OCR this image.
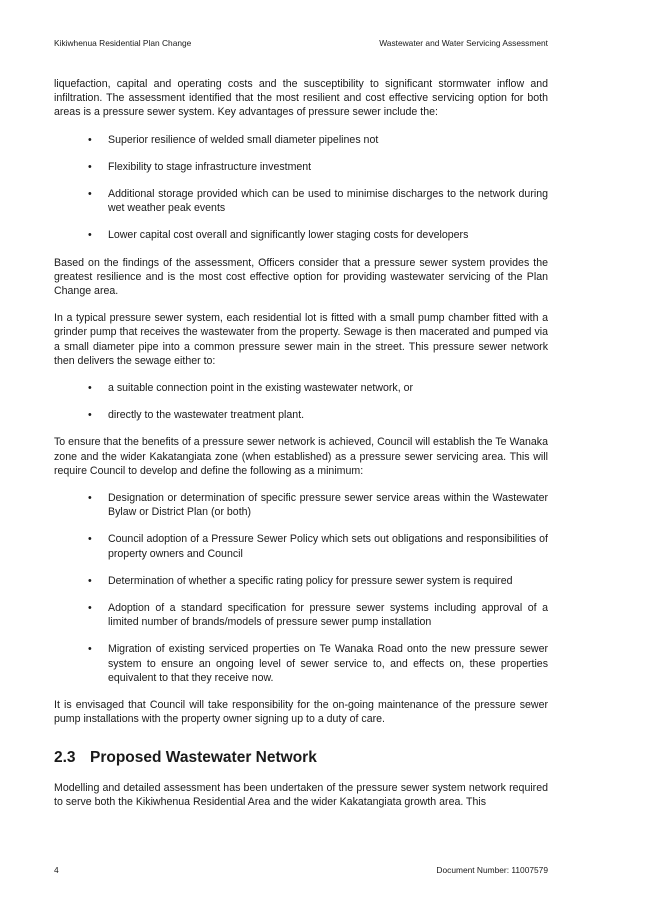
Kikiwhenua Residential Plan Change	Wastewater and Water Servicing Assessment

liquefaction, capital and operating costs and the susceptibility to significant stormwater inflow and infiltration. The assessment identified that the most resilient and cost effective servicing option for both areas is a pressure sewer system. Key advantages of pressure sewer include the:

• Superior resilience of welded small diameter pipelines not
• Flexibility to stage infrastructure investment
• Additional storage provided which can be used to minimise discharges to the network during wet weather peak events
• Lower capital cost overall and significantly lower staging costs for developers

Based on the findings of the assessment, Officers consider that a pressure sewer system provides the greatest resilience and is the most cost effective option for providing wastewater servicing of the Plan Change area.

In a typical pressure sewer system, each residential lot is fitted with a small pump chamber fitted with a grinder pump that receives the wastewater from the property. Sewage is then macerated and pumped via a small diameter pipe into a common pressure sewer main in the street. This pressure sewer network then delivers the sewage either to:

• a suitable connection point in the existing wastewater network, or
• directly to the wastewater treatment plant.

To ensure that the benefits of a pressure sewer network is achieved, Council will establish the Te Wanaka zone and the wider Kakatangiata zone (when established) as a pressure sewer servicing area. This will require Council to develop and define the following as a minimum:

• Designation or determination of specific pressure sewer service areas within the Wastewater Bylaw or District Plan (or both)
• Council adoption of a Pressure Sewer Policy which sets out obligations and responsibilities of property owners and Council
• Determination of whether a specific rating policy for pressure sewer system is required
• Adoption of a standard specification for pressure sewer systems including approval of a limited number of brands/models of pressure sewer pump installation
• Migration of existing serviced properties on Te Wanaka Road onto the new pressure sewer system to ensure an ongoing level of sewer service to, and effects on, these properties equivalent to that they receive now.

It is envisaged that Council will take responsibility for the on-going maintenance of the pressure sewer pump installations with the property owner signing up to a duty of care.

2.3 Proposed Wastewater Network

Modelling and detailed assessment has been undertaken of the pressure sewer system network required to serve both the Kikiwhenua Residential Area and the wider Kakatangiata growth area. This

4	Document Number: 11007579
